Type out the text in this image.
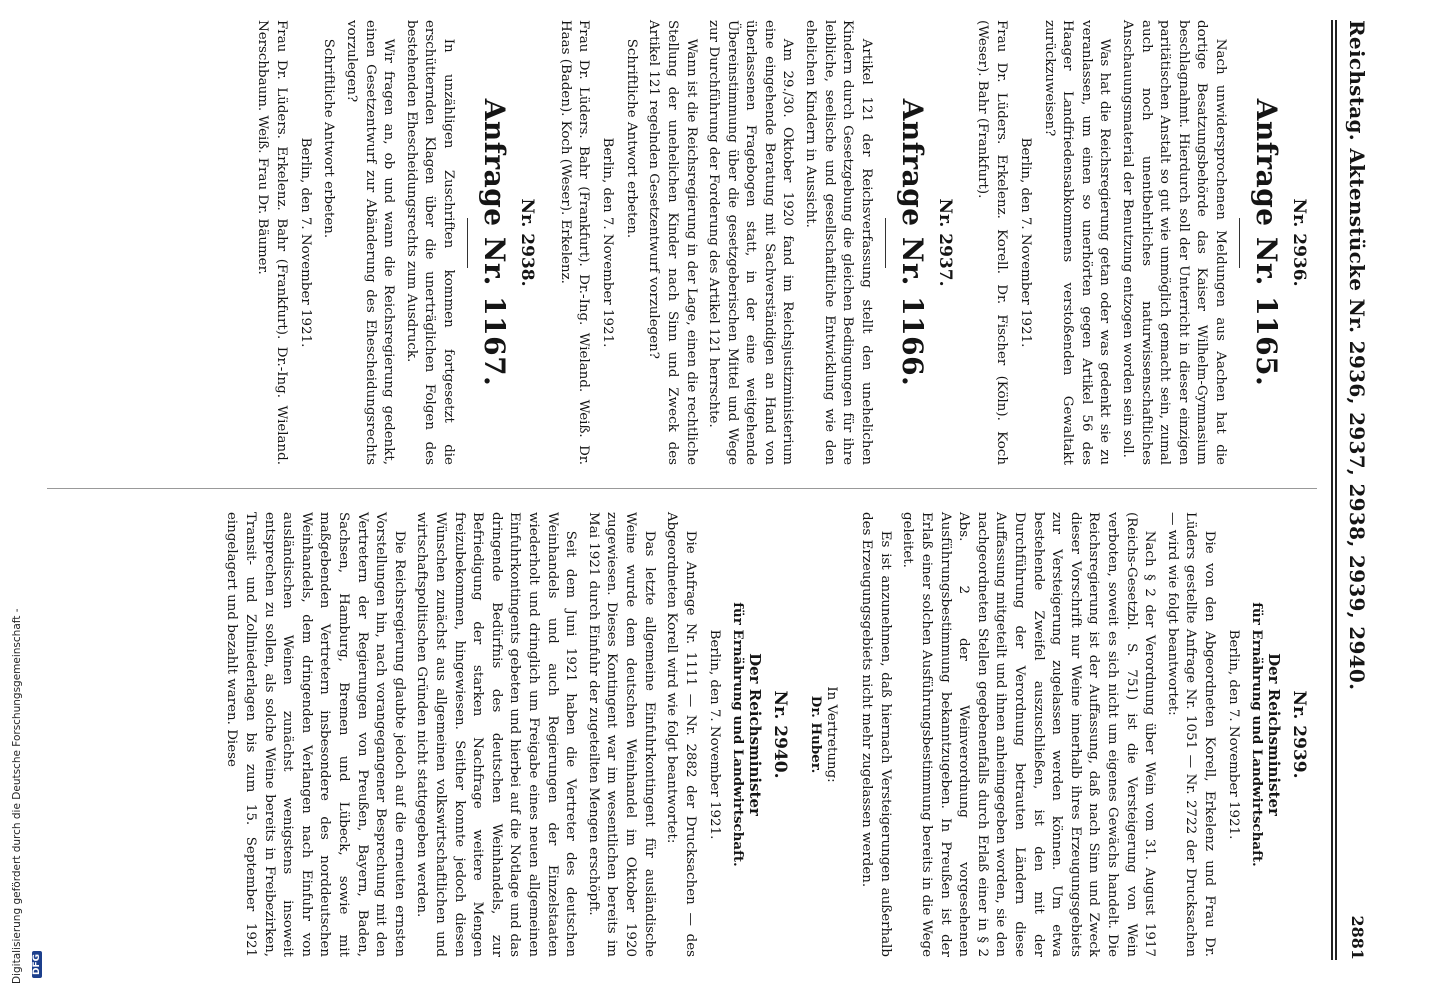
Reichstag. Aktenstücke Nr. 2936, 2937, 2938, 2939, 2940.
2881
Nr. 2936.
Anfrage Nr. 1165.

Nach unwidersprochenen Meldungen aus Aachen hat die dortige Besatzungsbehörde das Kaiser Wilhelm-Gymnasium beschlagnahmt. Hierdurch soll der Unterricht in dieser einzigen paritätischen Anstalt so gut wie unmöglich gemacht sein, zumal auch noch unentbehrliches naturwissenschaftliches Anschauungsmaterial der Benutzung entzogen worden sein soll.

Was hat die Reichsregierung getan oder was gedenkt sie zu veranlassen, um einen so unerhörten gegen Artikel 56 des Haager Landfriedensabkommens verstoßenden Gewaltakt zurückzuweisen?

Berlin, den 7. November 1921.
Frau Dr. Lüders. Erkelenz. Korell. Dr. Fischer (Köln). Koch (Weser). Bahr (Frankfurt).
Nr. 2937.
Anfrage Nr. 1166.

Artikel 121 der Reichsverfassung stellt den unehelichen Kindern durch Gesetzgebung die gleichen Bedingungen für ihre leibliche, seelische und gesellschaftliche Entwicklung wie den ehelichen Kindern in Aussicht.

Am 29./30. Oktober 1920 fand im Reichsjustizministerium eine eingehende Beratung mit Sachverständigen an Hand von überlassenen Fragebogen statt, in der eine weitgehende Übereinstimmung über die gesetzgeberischen Mittel und Wege zur Durchführung der Forderung des Artikel 121 herrschte.

Wann ist die Reichsregierung in der Lage, einen die rechtliche Stellung der unehelichen Kinder nach Sinn und Zweck des Artikel 121 regelnden Gesetzentwurf vorzulegen?

Schriftliche Antwort erbeten.

Berlin, den 7. November 1921.
Frau Dr. Lüders. Bahr (Frankfurt). Dr.-Ing. Wieland. Weiß. Dr. Haas (Baden). Koch (Weser). Erkelenz.
Nr. 2938.
Anfrage Nr. 1167.

In unzähligen Zuschriften kommen fortgesetzt die erschütternden Klagen über die unerträglichen Folgen des bestehenden Ehescheidungsrechts zum Ausdruck.

Wir fragen an, ob und wann die Reichsregierung gedenkt, einen Gesetzentwurf zur Abänderung des Ehescheidungsrechts vorzulegen?

Schriftliche Antwort erbeten.

Berlin, den 7. November 1921.
Frau Dr. Lüders. Erkelenz. Bahr (Frankfurt). Dr.-Ing. Wieland. Nerschbaum. Weiß. Frau Dr. Bäumer.
Nr. 2939.
Der Reichsminister
für Ernährung und Landwirtschaft.
Berlin, den 7. November 1921.

Die von den Abgeordneten Korell, Erkelenz und Frau Dr. Lüders gestellte Anfrage Nr. 1051 — Nr. 2722 der Drucksachen — wird wie folgt beantwortet:

Nach § 2 der Verordnung über Wein vom 31. August 1917 (Reichs-Gesetzbl. S. 751) ist die Versteigerung von Wein verboten, soweit es sich nicht um eigenes Gewächs handelt. Die Reichsregierung ist der Auffassung, daß nach Sinn und Zweck dieser Vorschrift nur Weine innerhalb ihres Erzeugungsgebiets zur Versteigerung zugelassen werden können. Um etwa bestehende Zweifel auszuschließen, ist den mit der Durchführung der Verordnung betrauten Ländern diese Auffassung mitgeteilt und ihnen anheimgegeben worden, sie den nachgeordneten Stellen gegebenenfalls durch Erlaß einer in § 2 Abs. 2 der Weinverordnung vorgesehenen Ausführungsbestimmung bekanntzugeben. In Preußen ist der Erlaß einer solchen Ausführungsbestimmung bereits in die Wege geleitet.

Es ist anzunehmen, daß hiernach Versteigerungen außerhalb des Erzeugungsgebiets nicht mehr zugelassen werden.

In Vertretung:
Dr. Huber.
Nr. 2940.
Der Reichsminister
für Ernährung und Landwirtschaft.
Berlin, den 7. November 1921.

Die Anfrage Nr. 1111 — Nr. 2882 der Drucksachen — des Abgeordneten Korell wird wie folgt beantwortet:

Das letzte allgemeine Einfuhrkontingent für ausländische Weine wurde dem deutschen Weinhandel im Oktober 1920 zugewiesen. Dieses Kontingent war im wesentlichen bereits im Mai 1921 durch Einfuhr der zugeteilten Mengen erschöpft.

Seit dem Juni 1921 haben die Vertreter des deutschen Weinhandels und auch Regierungen der Einzelstaaten wiederholt und dringlich um Freigabe eines neuen allgemeinen Einfuhrkontingents gebeten und hierbei auf die Notlage und das dringende Bedürfnis des deutschen Weinhandels, zur Befriedigung der starken Nachfrage weitere Mengen freizubekommen, hingewiesen. Seither konnte jedoch diesen Wünschen zunächst aus allgemeinen volkswirtschaftlichen und wirtschaftspolitischen Gründen nicht stattgegeben werden.

Die Reichsregierung glaubte jedoch auf die erneuten ernsten Vorstellungen hin, nach vorangegangener Besprechung mit den Vertretern der Regierungen von Preußen, Bayern, Baden, Sachsen, Hamburg, Bremen und Lübeck, sowie mit maßgebenden Vertretern insbesondere des norddeutschen Weinhandels, dem dringenden Verlangen nach Einfuhr von ausländischen Weinen zunächst wenigstens insoweit entsprechen zu sollen, als solche Weine bereits in Freibezirken, Transit- und Zollniederlagen bis zum 15. September 1921 eingelagert und bezahlt waren. Diese

Digitalisierung gefördert durch die Deutsche Forschungsgemeinschaft - DFG
